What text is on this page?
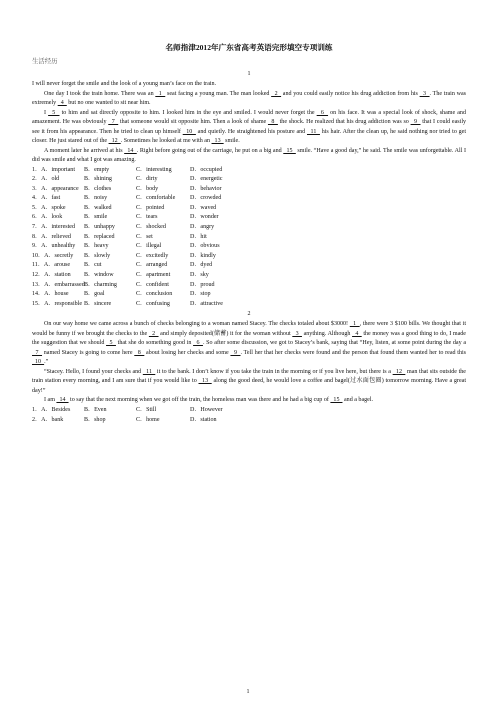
名师指津2012年广东省高考英语完形填空专项训练
生活经历
1

I will never forget the smile and the look of a young man’s face on the train.

One day I took the train home. There was an   1   seat facing a young man. The man looked   2   and you could easily notice his drug addiction from his   3  . The train was extremely   4   but no one wanted to sit near him.

I   5   to him and sat directly opposite to him. I looked him in the eye and smiled. I would never forget the   6   on his face. It was a special look of shock, shame and amazement. He was obviously   7   that someone would sit opposite him. Then a look of shame   8   the shock. He realized that his drug addiction was so   9   that I could easily see it from his appearance. Then he tried to clean up himself   10   and quietly. He straightened his posture and   11   his hair. After the clean up, he said nothing nor tried to get closer. He just stared out of the   12  . Sometimes he looked at me with an   13   smile.

A moment later he arrived at his   14  . Right before going out of the carriage, he put on a big and   15   smile. “Have a good day,” he said. The smile was unforgettable. All I did was smile and what I got was amazing.

1．A．important	B．empty	C．interesting	D．occupied
2．A．old	B．shining	C．dirty	D．energetic
3．A．appearance B．clothes	C．body	D．behavior
4．A．fast	B．noisy	C．comfortable	D．crowded
5．A．spoke	B．walked	C．pointed	D．waved
6．A．look	B．smile	C．tears	D．wonder
7．A．interested	B．unhappy	C．shocked	D．angry
8．A．relieved	B．replaced	C．set	D．hit
9．A．unhealthy	B．heavy	C．illegal	D．obvious
10．A．secretly	B．slowly	C．excitedly	D．kindly
11．A．arouse	B．cut	C．arranged	D．dyed
12．A．station	B．window	C．apartment	D．sky
13．A．embarrassed B．charming	C．confident	D．proud
14．A．house	B．goal	C．conclusion	D．stop
15．A．responsible B．sincere	C．confusing	D．attractive
2

On our way home we came across a bunch of checks belonging to a woman named Stacey. The checks totaled about $3000!   1  , there were 3 $100 bills. We thought that it would be funny if we brought the checks to the   2   and simply deposited(储蓄) it for the woman without   3   anything. Although   4   the money was a good thing to do, I made the suggestion that we should   5   that she do something good in   6  . So after some discussion, we got to Stacey’s bank, saying that “Hey, listen, at some point during the day a   7   named Stacey is going to come here   8   about losing her checks and some   9  . Tell her that her checks were found and the person that found them wanted her to read this   10  .”

“Stacey. Hello, I found your checks and   11   it to the bank. I don’t know if you take the train in the morning or if you live here, but there is a   12   man that sits outside the train station every morning, and I am sure that if you would like to   13   along the good deed, he would love a coffee and bagel(过水面包圈) tomorrow morning. Have a great day!”

I am   14   to say that the next morning when we got off the train, the homeless man was there and he had a big cup of   15   and a bagel.

1．A．Besides	B．Even	C．Still	D．However
2．A．bank	B．shop	C．home	D．station
1
